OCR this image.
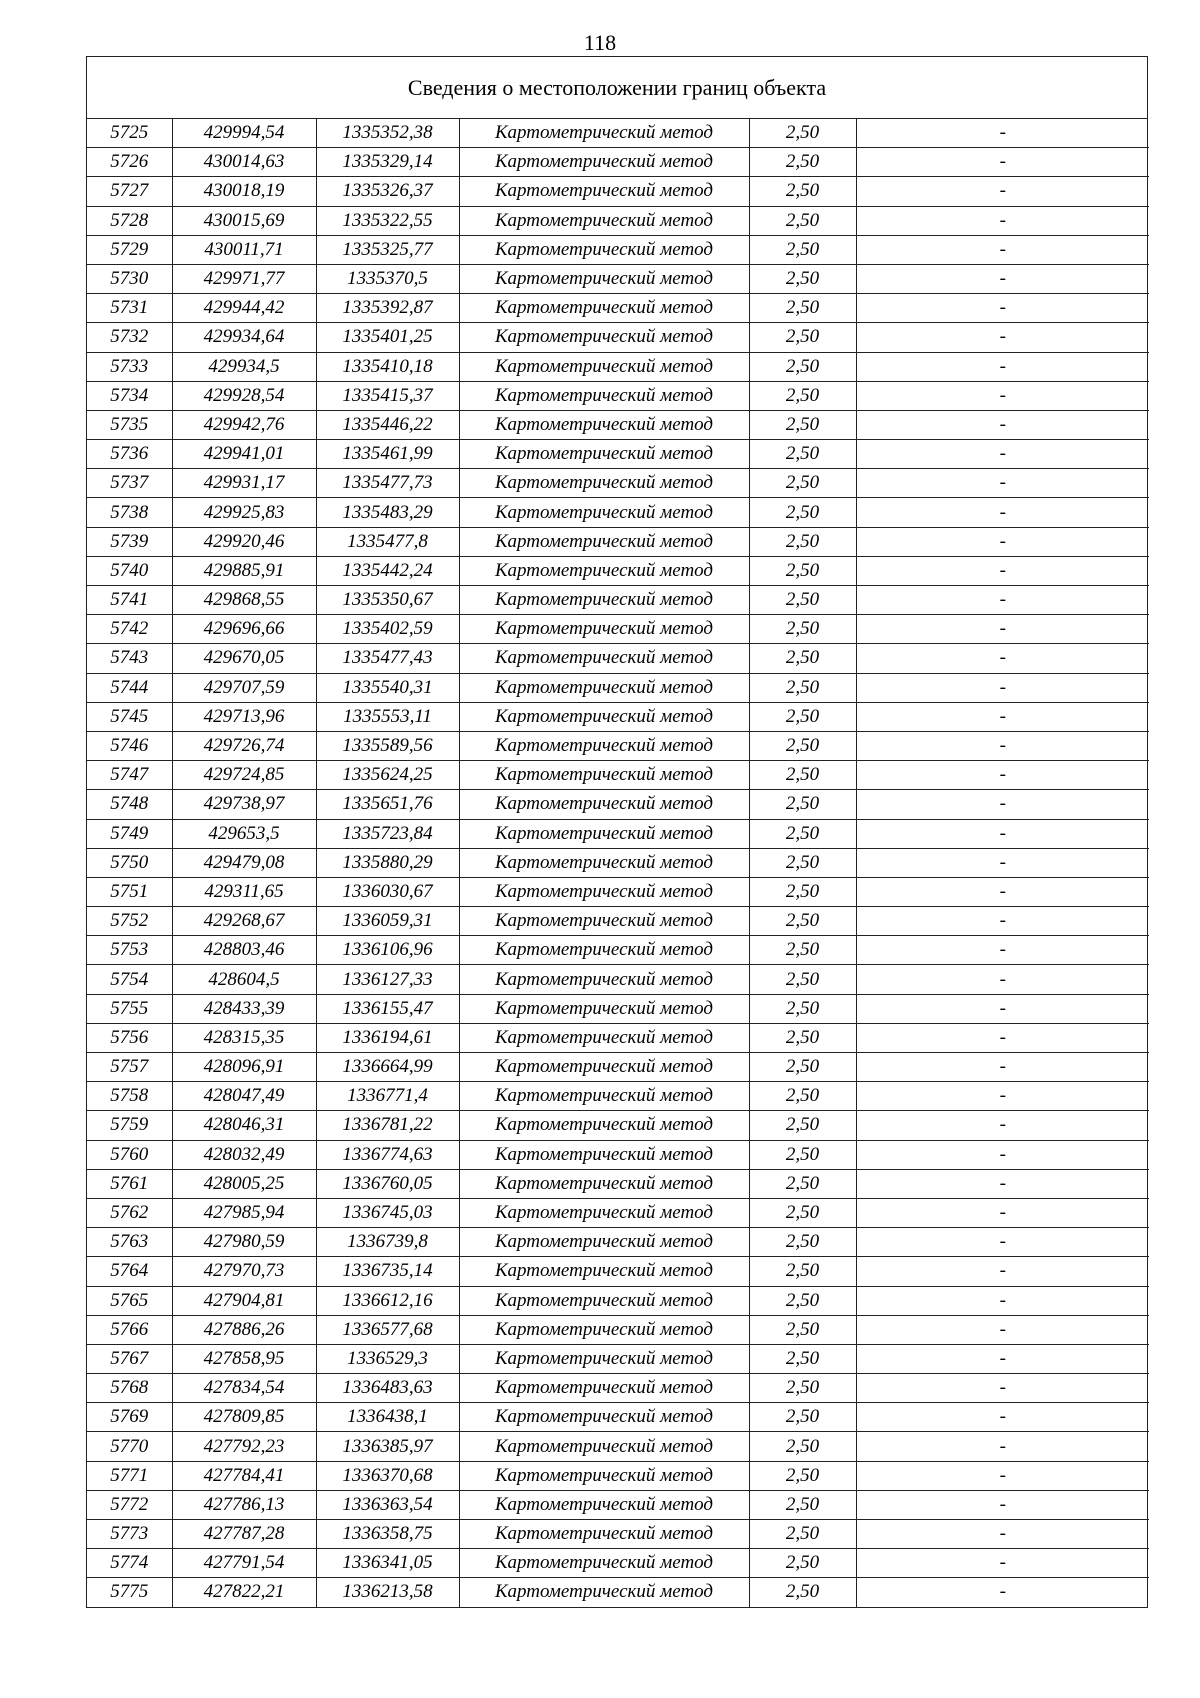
118
Сведения о местоположении границ объекта
5725	429994,54	1335352,38	Картометрический метод	2,50	-
5726	430014,63	1335329,14	Картометрический метод	2,50	-
5727	430018,19	1335326,37	Картометрический метод	2,50	-
5728	430015,69	1335322,55	Картометрический метод	2,50	-
5729	430011,71	1335325,77	Картометрический метод	2,50	-
5730	429971,77	1335370,5	Картометрический метод	2,50	-
5731	429944,42	1335392,87	Картометрический метод	2,50	-
5732	429934,64	1335401,25	Картометрический метод	2,50	-
5733	429934,5	1335410,18	Картометрический метод	2,50	-
5734	429928,54	1335415,37	Картометрический метод	2,50	-
5735	429942,76	1335446,22	Картометрический метод	2,50	-
5736	429941,01	1335461,99	Картометрический метод	2,50	-
5737	429931,17	1335477,73	Картометрический метод	2,50	-
5738	429925,83	1335483,29	Картометрический метод	2,50	-
5739	429920,46	1335477,8	Картометрический метод	2,50	-
5740	429885,91	1335442,24	Картометрический метод	2,50	-
5741	429868,55	1335350,67	Картометрический метод	2,50	-
5742	429696,66	1335402,59	Картометрический метод	2,50	-
5743	429670,05	1335477,43	Картометрический метод	2,50	-
5744	429707,59	1335540,31	Картометрический метод	2,50	-
5745	429713,96	1335553,11	Картометрический метод	2,50	-
5746	429726,74	1335589,56	Картометрический метод	2,50	-
5747	429724,85	1335624,25	Картометрический метод	2,50	-
5748	429738,97	1335651,76	Картометрический метод	2,50	-
5749	429653,5	1335723,84	Картометрический метод	2,50	-
5750	429479,08	1335880,29	Картометрический метод	2,50	-
5751	429311,65	1336030,67	Картометрический метод	2,50	-
5752	429268,67	1336059,31	Картометрический метод	2,50	-
5753	428803,46	1336106,96	Картометрический метод	2,50	-
5754	428604,5	1336127,33	Картометрический метод	2,50	-
5755	428433,39	1336155,47	Картометрический метод	2,50	-
5756	428315,35	1336194,61	Картометрический метод	2,50	-
5757	428096,91	1336664,99	Картометрический метод	2,50	-
5758	428047,49	1336771,4	Картометрический метод	2,50	-
5759	428046,31	1336781,22	Картометрический метод	2,50	-
5760	428032,49	1336774,63	Картометрический метод	2,50	-
5761	428005,25	1336760,05	Картометрический метод	2,50	-
5762	427985,94	1336745,03	Картометрический метод	2,50	-
5763	427980,59	1336739,8	Картометрический метод	2,50	-
5764	427970,73	1336735,14	Картометрический метод	2,50	-
5765	427904,81	1336612,16	Картометрический метод	2,50	-
5766	427886,26	1336577,68	Картометрический метод	2,50	-
5767	427858,95	1336529,3	Картометрический метод	2,50	-
5768	427834,54	1336483,63	Картометрический метод	2,50	-
5769	427809,85	1336438,1	Картометрический метод	2,50	-
5770	427792,23	1336385,97	Картометрический метод	2,50	-
5771	427784,41	1336370,68	Картометрический метод	2,50	-
5772	427786,13	1336363,54	Картометрический метод	2,50	-
5773	427787,28	1336358,75	Картометрический метод	2,50	-
5774	427791,54	1336341,05	Картометрический метод	2,50	-
5775	427822,21	1336213,58	Картометрический метод	2,50	-
